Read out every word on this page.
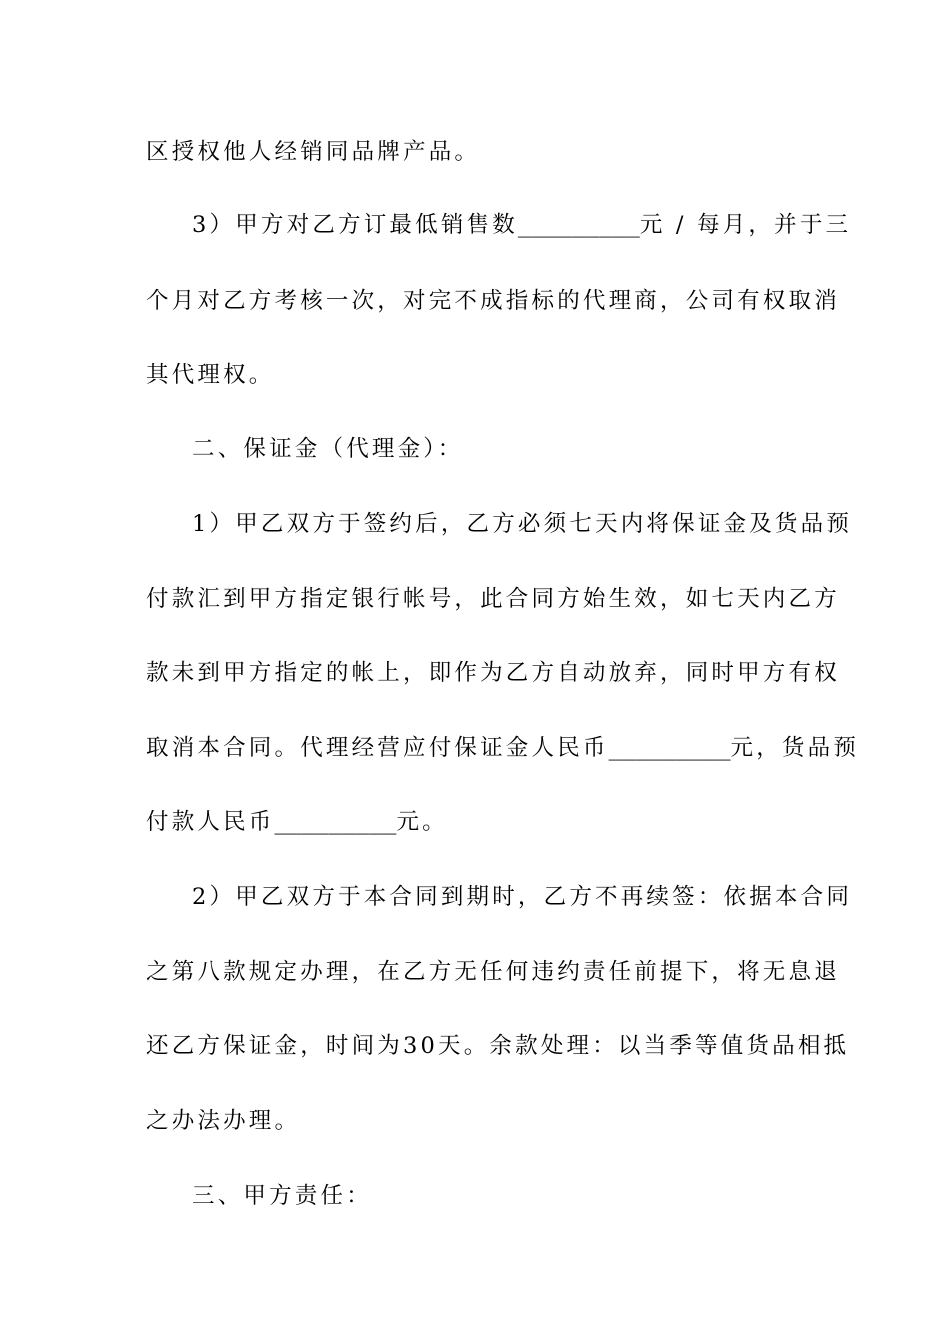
区授权他人经销同品牌产品。
3）甲方对乙方订最低销售数_________元 / 每月，并于三
个月对乙方考核一次，对完不成指标的代理商，公司有权取消
其代理权。
二、保证金（代理金）：
1）甲乙双方于签约后，乙方必须七天内将保证金及货品预
付款汇到甲方指定银行帐号，此合同方始生效，如七天内乙方
款未到甲方指定的帐上，即作为乙方自动放弃，同时甲方有权
取消本合同。代理经营应付保证金人民币_________元，货品预
付款人民币_________元。
2）甲乙双方于本合同到期时，乙方不再续签：依据本合同
之第八款规定办理，在乙方无任何违约责任前提下，将无息退
还乙方保证金，时间为30天。余款处理：以当季等值货品相抵
之办法办理。
三、甲方责任：
